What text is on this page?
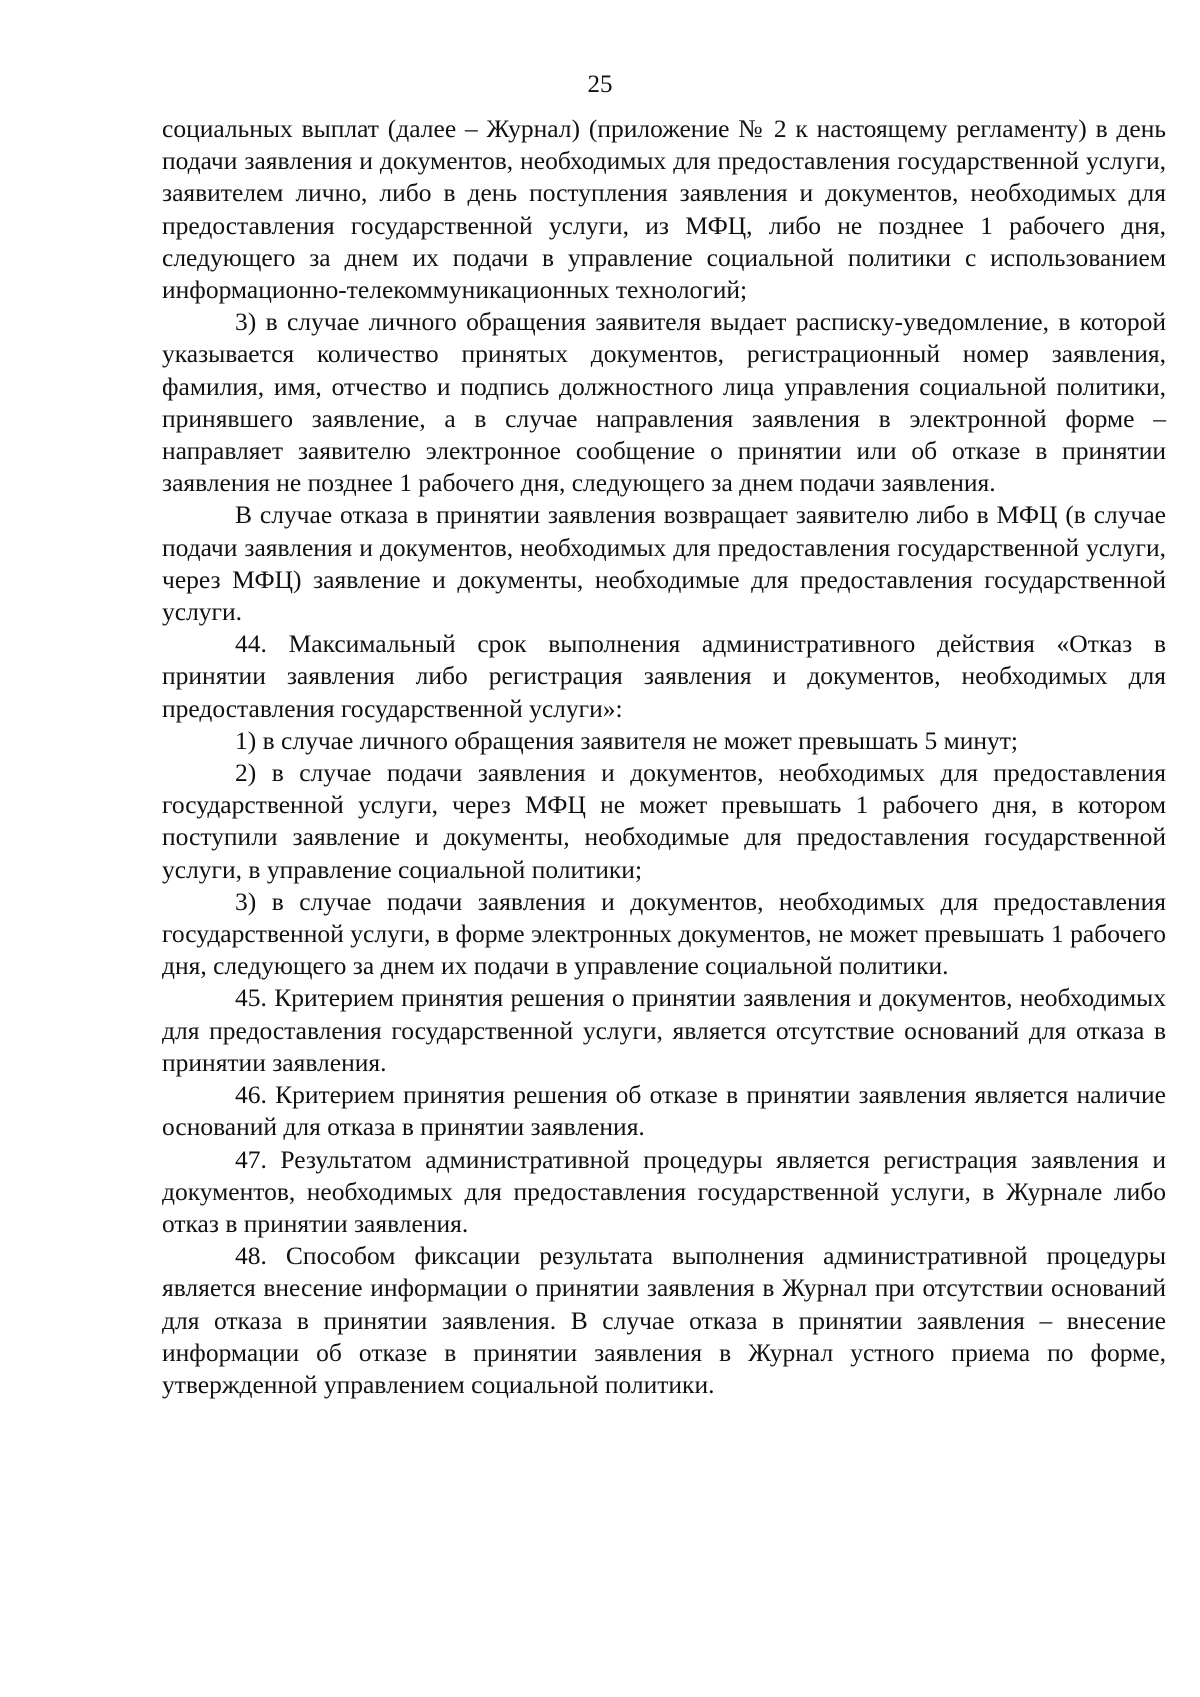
25

социальных выплат (далее – Журнал) (приложение № 2 к настоящему регламенту) в день подачи заявления и документов, необходимых для предоставления государственной услуги, заявителем лично, либо в день поступления заявления и документов, необходимых для предоставления государственной услуги, из МФЦ, либо не позднее 1 рабочего дня, следующего за днем их подачи в управление социальной политики с использованием информационно-телекоммуникационных технологий;

3) в случае личного обращения заявителя выдает расписку-уведомление, в которой указывается количество принятых документов, регистрационный номер заявления, фамилия, имя, отчество и подпись должностного лица управления социальной политики, принявшего заявление, а в случае направления заявления в электронной форме – направляет заявителю электронное сообщение о принятии или об отказе в принятии заявления не позднее 1 рабочего дня, следующего за днем подачи заявления.

В случае отказа в принятии заявления возвращает заявителю либо в МФЦ (в случае подачи заявления и документов, необходимых для предоставления государственной услуги, через МФЦ) заявление и документы, необходимые для предоставления государственной услуги.

44. Максимальный срок выполнения административного действия «Отказ в принятии заявления либо регистрация заявления и документов, необходимых для предоставления государственной услуги»:

1) в случае личного обращения заявителя не может превышать 5 минут;

2) в случае подачи заявления и документов, необходимых для предоставления государственной услуги, через МФЦ не может превышать 1 рабочего дня, в котором поступили заявление и документы, необходимые для предоставления государственной услуги, в управление социальной политики;

3) в случае подачи заявления и документов, необходимых для предоставления государственной услуги, в форме электронных документов, не может превышать 1 рабочего дня, следующего за днем их подачи в управление социальной политики.

45. Критерием принятия решения о принятии заявления и документов, необходимых для предоставления государственной услуги, является отсутствие оснований для отказа в принятии заявления.

46. Критерием принятия решения об отказе в принятии заявления является наличие оснований для отказа в принятии заявления.

47. Результатом административной процедуры является регистрация заявления и документов, необходимых для предоставления государственной услуги, в Журнале либо отказ в принятии заявления.

48. Способом фиксации результата выполнения административной процедуры является внесение информации о принятии заявления в Журнал при отсутствии оснований для отказа в принятии заявления. В случае отказа в принятии заявления – внесение информации об отказе в принятии заявления в Журнал устного приема по форме, утвержденной управлением социальной политики.
